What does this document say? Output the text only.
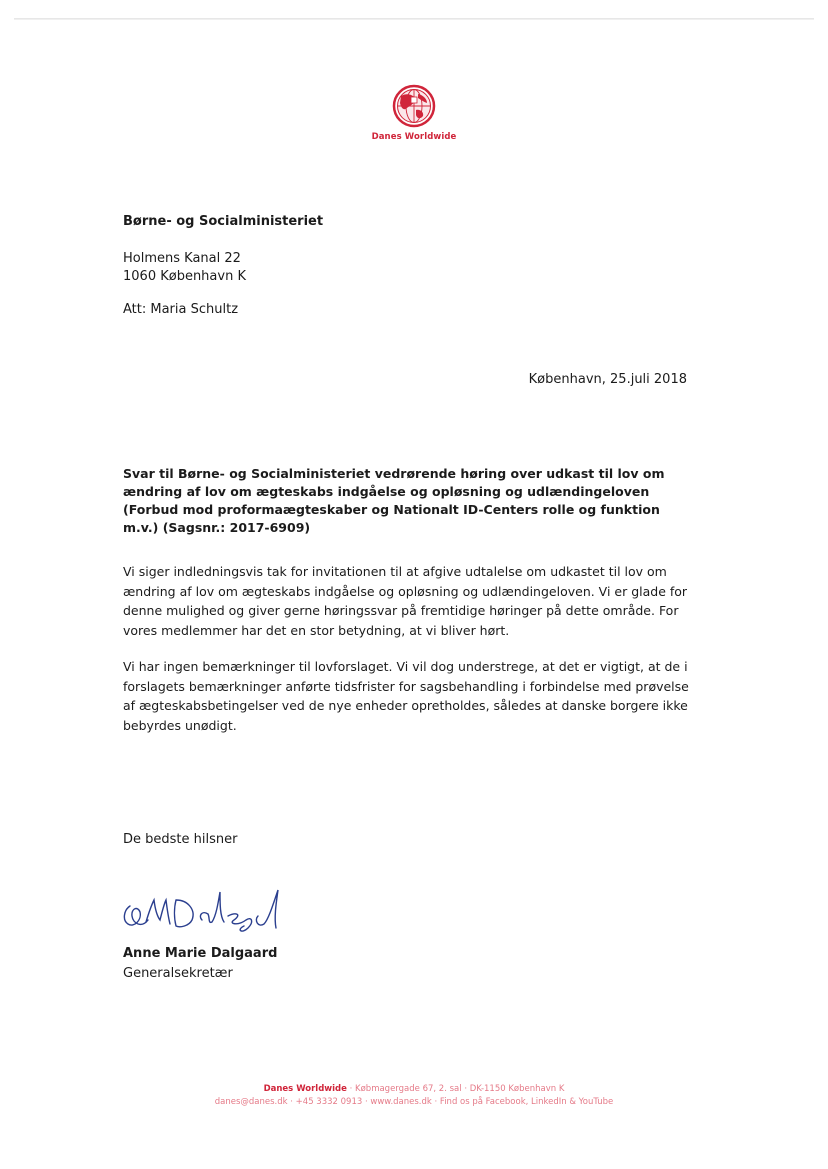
Danes Worldwide
Børne- og Socialministeriet
Holmens Kanal 22
1060 København K
Att: Maria Schultz
København, 25.juli 2018

Svar til Børne- og Socialministeriet vedrørende høring over udkast til lov om ændring af lov om ægteskabs indgåelse og opløsning og udlændingeloven (Forbud mod proformaægteskaber og Nationalt ID-Centers rolle og funktion m.v.) (Sagsnr.: 2017-6909)

Vi siger indledningsvis tak for invitationen til at afgive udtalelse om udkastet til lov om ændring af lov om ægteskabs indgåelse og opløsning og udlændingeloven. Vi er glade for denne mulighed og giver gerne høringssvar på fremtidige høringer på dette område. For vores medlemmer har det en stor betydning, at vi bliver hørt.

Vi har ingen bemærkninger til lovforslaget. Vi vil dog understrege, at det er vigtigt, at de i forslagets bemærkninger anførte tidsfrister for sagsbehandling i forbindelse med prøvelse af ægteskabsbetingelser ved de nye enheder opretholdes, således at danske borgere ikke bebyrdes unødigt.

De bedste hilsner
Anne Marie Dalgaard
Generalsekretær
Danes Worldwide · Købmagergade 67, 2. sal · DK-1150 København K
danes@danes.dk · +45 3332 0913 · www.danes.dk · Find os på Facebook, LinkedIn & YouTube
